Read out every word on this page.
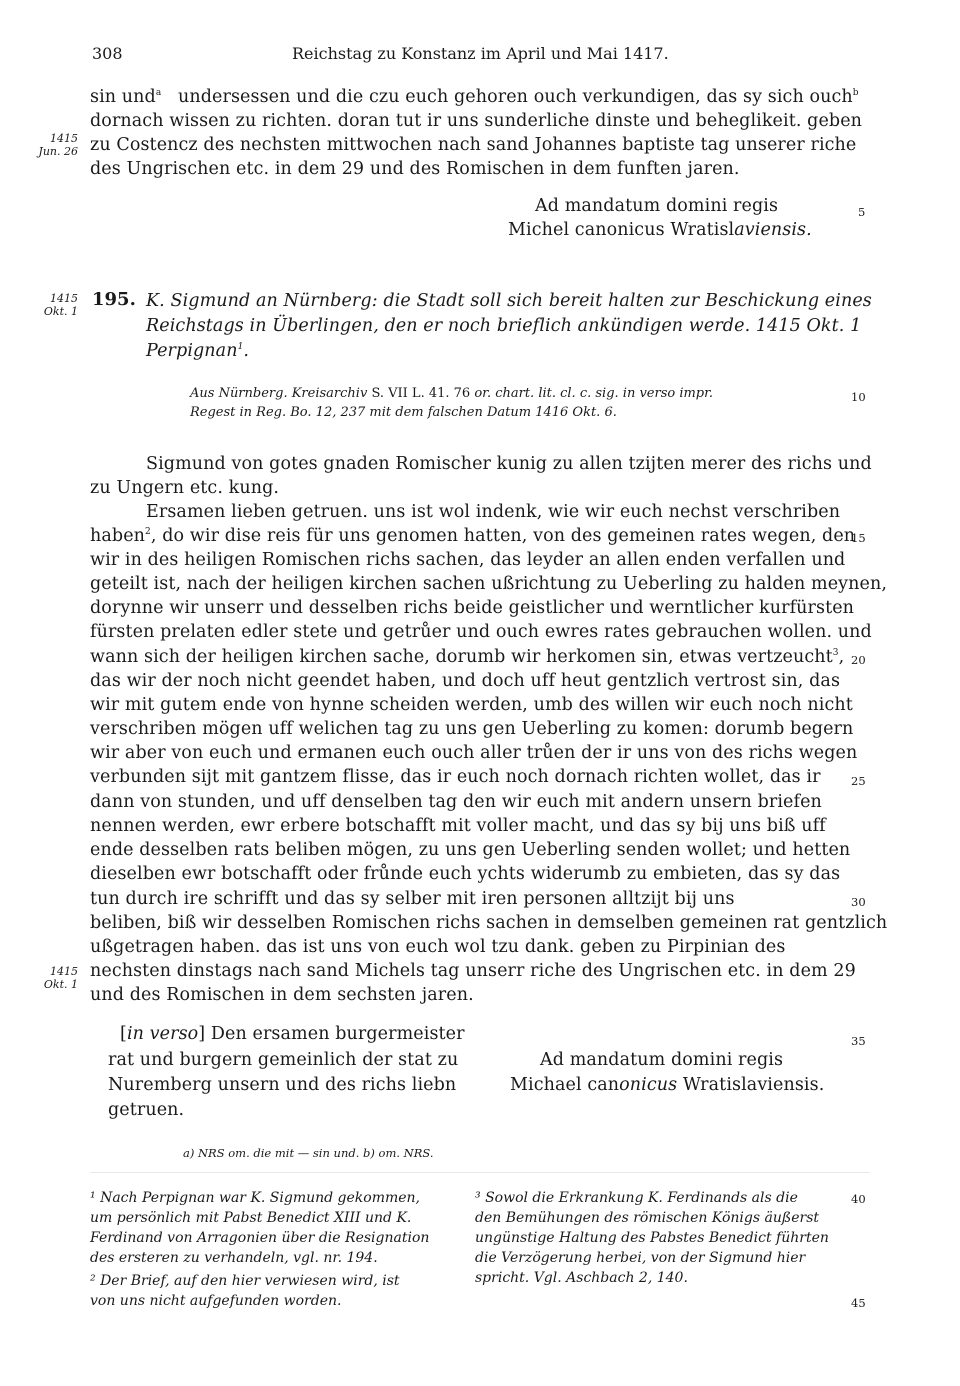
308	Reichstag zu Konstanz im April und Mai 1417.
sin und$^a$ undersessen und die czu euch gehoren ouch verkundigen, das sy sich ouch$^b$
dornach wissen zu richten. doran tut ir uns sunderliche dinste und beheglikeit. geben
zu Costencz des nechsten mittwochen nach sand Johannes baptiste tag unserer riche
des Ungrischen etc. in dem 29 und des Romischen in dem funften jaren.
1415
Jun. 26
Ad mandatum domini regis
Michel canonicus Wratislaviensis.
1415
Okt. 1
195. K. Sigmund an Nürnberg: die Stadt soll sich bereit halten zur Beschickung eines
Reichstags in Überlingen, den er noch brieflich ankündigen werde. 1415 Okt. 1
Perpignan$^1$.
Aus Nürnberg. Kreisarchiv S. VII L. 41. 76 or. chart. lit. cl. c. sig. in verso impr.
Regest in Reg. Bo. 12, 237 mit dem falschen Datum 1416 Okt. 6.
Sigmund von gotes gnaden Romischer kunig zu allen tzijten merer des richs und
zu Ungern etc. kung.
Ersamen lieben getruen. uns ist wol indenk, wie wir euch nechst verschriben
haben$^2$, do wir dise reis für uns genomen hatten, von des gemeinen rates wegen, den
wir in des heiligen Romischen richs sachen, das leyder an allen enden verfallen und
geteilt ist, nach der heiligen kirchen sachen ußrichtung zu Ueberling zu halden meynen,
dorynne wir unserr und desselben richs beide geistlicher und werntlicher kurfürsten
fürsten prelaten edler stete und getrůer und ouch ewres rates gebrauchen wollen. und
wann sich der heiligen kirchen sache, dorumb wir herkomen sin, etwas vertzeucht$^3$,
das wir der noch nicht geendet haben, und doch uff heut gentzlich vertrost sin, das
wir mit gutem ende von hynne scheiden werden, umb des willen wir euch noch nicht
verschriben mögen uff welichen tag zu uns gen Ueberling zu komen: dorumb begern
wir aber von euch und ermanen euch ouch aller trůen der ir uns von des richs wegen
verbunden sijt mit gantzem flisse, das ir euch noch dornach richten wollet, das ir
dann von stunden, und uff denselben tag den wir euch mit andern unsern briefen
nennen werden, ewr erbere botschafft mit voller macht, und das sy bij uns biß uff
ende desselben rats beliben mögen, zu uns gen Ueberling senden wollet; und hetten
dieselben ewr botschafft oder frůnde euch ychts widerumb zu embieten, das sy das
tun durch ire schrifft und das sy selber mit iren personen alltzijt bij uns
beliben, biß wir desselben Romischen richs sachen in demselben gemeinen rat gentzlich
ußgetragen haben. das ist uns von euch wol tzu dank. geben zu Pirpinian des
nechsten dinstags nach sand Michels tag unserr riche des Ungrischen etc. in dem 29
und des Romischen in dem sechsten jaren.
1415
Okt. 1
[in verso] Den ersamen burgermeister
rat und burgern gemeinlich der stat zu
Nuremberg unsern und des richs liebn
getruen.
Ad mandatum domini regis
Michael canonicus Wratislaviensis.
a) NRS om. die mit — sin und. b) om. NRS.
¹ Nach Perpignan war K. Sigmund gekommen,
um persönlich mit Pabst Benedict XIII und K.
Ferdinand von Arragonien über die Resignation
des ersteren zu verhandeln, vgl. nr. 194.
² Der Brief, auf den hier verwiesen wird, ist
von uns nicht aufgefunden worden.
³ Sowol die Erkrankung K. Ferdinands als die
den Bemühungen des römischen Königs äußerst
ungünstige Haltung des Pabstes Benedict führten
die Verzögerung herbei, von der Sigmund hier
spricht. Vgl. Aschbach 2, 140.
5
10
15
20
25
30
35
40
45
